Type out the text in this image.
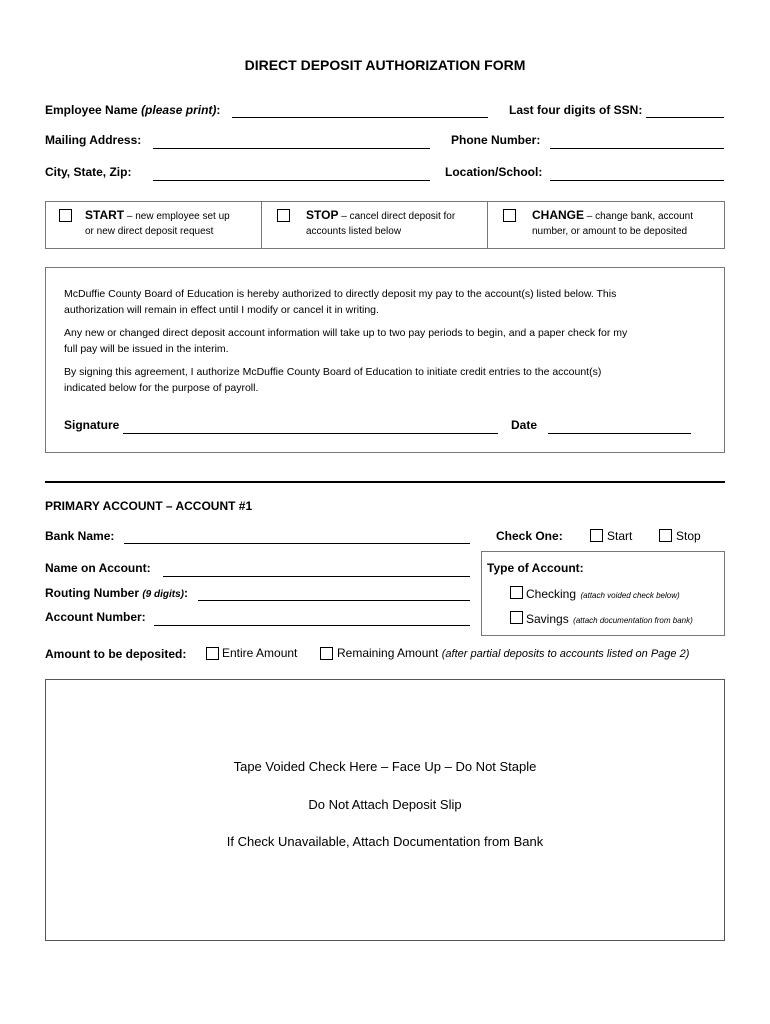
DIRECT DEPOSIT AUTHORIZATION FORM
Employee Name (please print):	Last four digits of SSN:
Mailing Address:	Phone Number:
City, State, Zip:	Location/School:
START – new employee set up
or new direct deposit request
STOP – cancel direct deposit for
accounts listed below
CHANGE – change bank, account
number, or amount to be deposited

McDuffie County Board of Education is hereby authorized to directly deposit my pay to the account(s) listed below. This
authorization will remain in effect until I modify or cancel it in writing.

Any new or changed direct deposit account information will take up to two pay periods to begin, and a paper check for my
full pay will be issued in the interim.

By signing this agreement, I authorize McDuffie County Board of Education to initiate credit entries to the account(s)
indicated below for the purpose of payroll.

Signature	Date
PRIMARY ACCOUNT – ACCOUNT #1
Bank Name:	Check One:	Start	Stop
Name on Account:	Type of Account:
Routing Number (9 digits):	Checking (attach voided check below)
Account Number:	Savings (attach documentation from bank)
Amount to be deposited:	Entire Amount	Remaining Amount (after partial deposits to accounts listed on Page 2)
Tape Voided Check Here – Face Up – Do Not Staple
Do Not Attach Deposit Slip
If Check Unavailable, Attach Documentation from Bank
